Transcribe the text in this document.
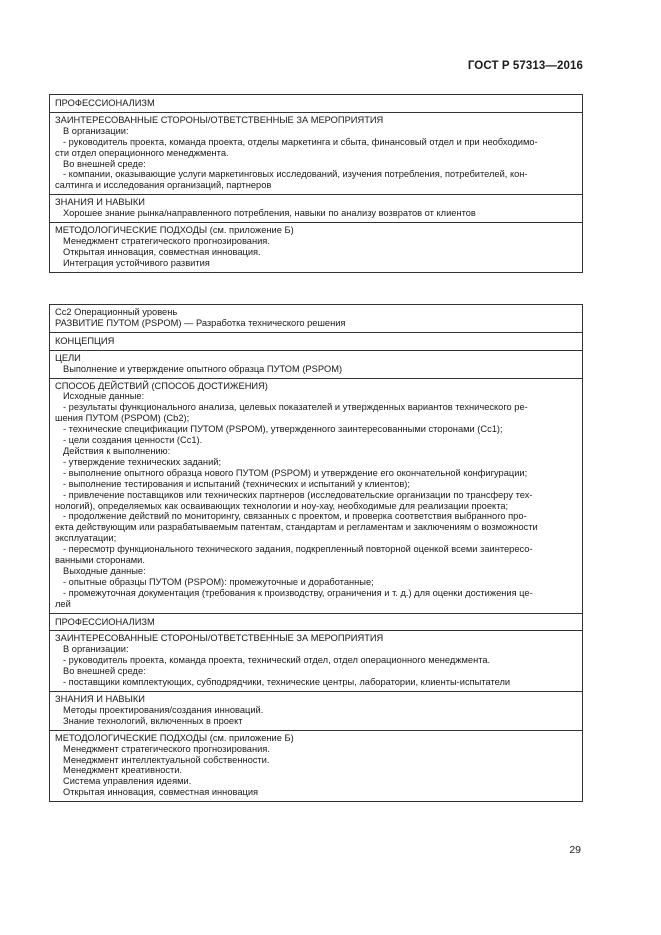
ГОСТ Р 57313—2016
ПРОФЕССИОНАЛИЗМ
ЗАИНТЕРЕСОВАННЫЕ СТОРОНЫ/ОТВЕТСТВЕННЫЕ ЗА МЕРОПРИЯТИЯ
В организации:
- руководитель проекта, команда проекта, отделы маркетинга и сбыта, финансовый отдел и при необходимо-
сти отдел операционного менеджмента.
Во внешней среде:
- компании, оказывающие услуги маркетинговых исследований, изучения потребления, потребителей, кон-
салтинга и исследования организаций, партнеров
ЗНАНИЯ И НАВЫКИ
Хорошее знание рынка/направленного потребления, навыки по анализу возвратов от клиентов
МЕТОДОЛОГИЧЕСКИЕ ПОДХОДЫ (см. приложение Б)
Менеджмент стратегического прогнозирования.
Открытая инновация, совместная инновация.
Интеграция устойчивого развития
Cc2 Операционный уровень
РАЗВИТИЕ ПУТОМ (PSPOM) — Разработка технического решения
КОНЦЕПЦИЯ
ЦЕЛИ
Выполнение и утверждение опытного образца ПУТОМ (PSPOM)
СПОСОБ ДЕЙСТВИЙ (СПОСОБ ДОСТИЖЕНИЯ)
Исходные данные:
- результаты функционального анализа, целевых показателей и утвержденных вариантов технического ре-
шения ПУТОМ (PSPOM) (Cb2);
- технические спецификации ПУТОМ (PSPOM), утвержденного заинтересованными сторонами (Cc1);
- цели создания ценности (Cc1).
Действия к выполнению:
- утверждение технических заданий;
- выполнение опытного образца нового ПУТОМ (PSPOM) и утверждение его окончательной конфигурации;
- выполнение тестирования и испытаний (технических и испытаний у клиентов);
- привлечение поставщиков или технических партнеров (исследовательские организации по трансферу тех-
нологий), определяемых как осваивающих технологии и ноу-хау, необходимые для реализации проекта;
- продолжение действий по мониторингу, связанных с проектом, и проверка соответствия выбранного про-
екта действующим или разрабатываемым патентам, стандартам и регламентам и заключениям о возможности
эксплуатации;
- пересмотр функционального технического задания, подкрепленный повторной оценкой всеми заинтересо-
ванными сторонами.
Выходные данные:
- опытные образцы ПУТОМ (PSPOM): промежуточные и доработанные;
- промежуточная документация (требования к производству, ограничения и т. д.) для оценки достижения це-
лей
ПРОФЕССИОНАЛИЗМ
ЗАИНТЕРЕСОВАННЫЕ СТОРОНЫ/ОТВЕТСТВЕННЫЕ ЗА МЕРОПРИЯТИЯ
В организации:
- руководитель проекта, команда проекта, технический отдел, отдел операционного менеджмента.
Во внешней среде:
- поставщики комплектующих, субподрядчики, технические центры, лаборатории, клиенты-испытатели
ЗНАНИЯ И НАВЫКИ
Методы проектирования/создания инноваций.
Знание технологий, включенных в проект
МЕТОДОЛОГИЧЕСКИЕ ПОДХОДЫ (см. приложение Б)
Менеджмент стратегического прогнозирования.
Менеджмент интеллектуальной собственности.
Менеджмент креативности.
Система управления идеями.
Открытая инновация, совместная инновация
29
